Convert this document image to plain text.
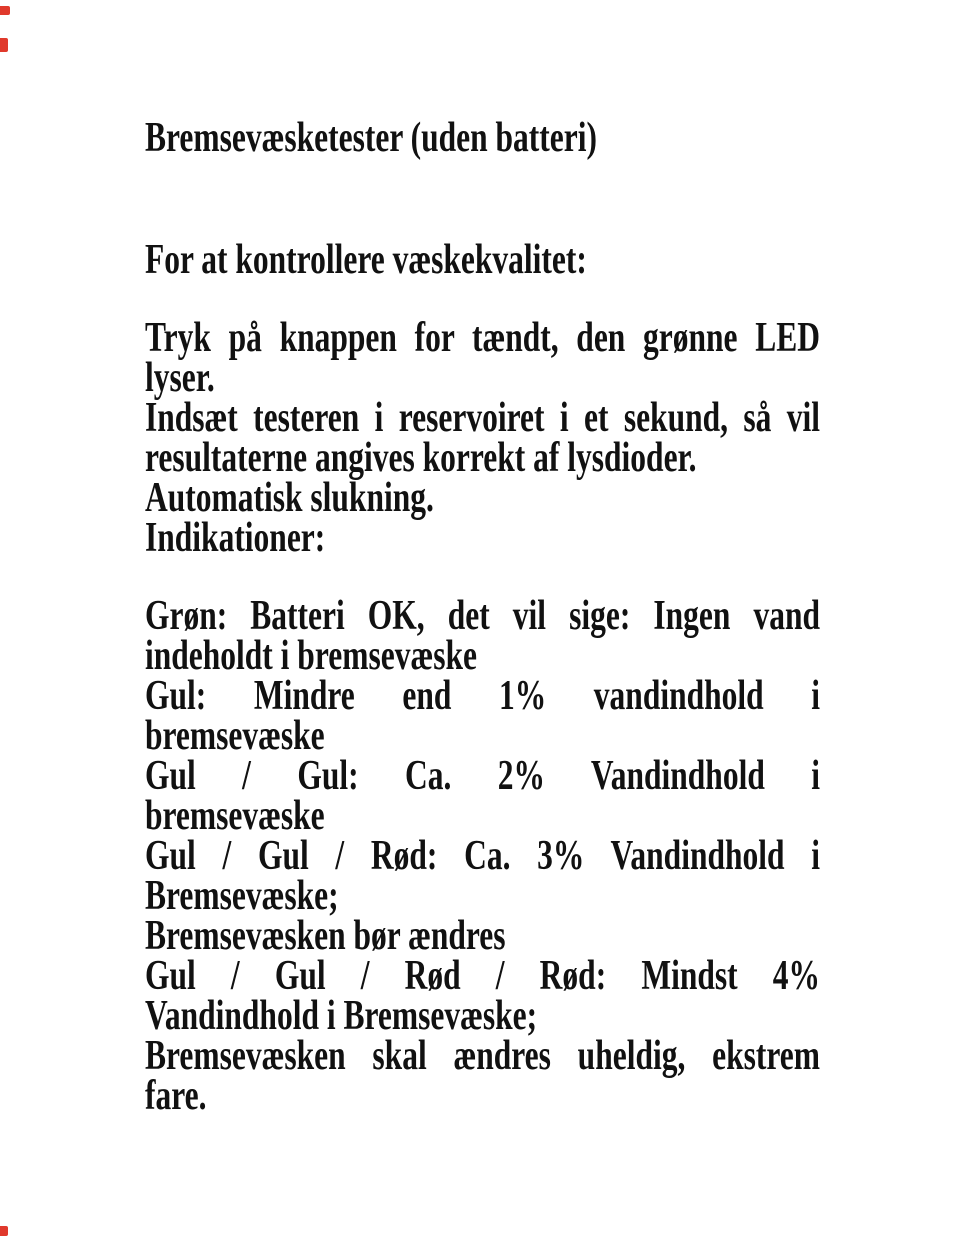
Bremsevæsketester (uden batteri)
For at kontrollere væskekvalitet:
Tryk på knappen for tændt, den grønne LED
lyser.
Indsæt testeren i reservoiret i et sekund, så vil
resultaterne angives korrekt af lysdioder.
Automatisk slukning.
Indikationer:
Grøn: Batteri OK, det vil sige: Ingen vand
indeholdt i bremsevæske
Gul: Mindre end 1% vandindhold i
bremsevæske
Gul / Gul: Ca. 2% Vandindhold i
bremsevæske
Gul / Gul / Rød: Ca. 3% Vandindhold i
Bremsevæske;
Bremsevæsken bør ændres
Gul / Gul / Rød / Rød: Mindst 4%
Vandindhold i Bremsevæske;
Bremsevæsken skal ændres uheldig, ekstrem
fare.
